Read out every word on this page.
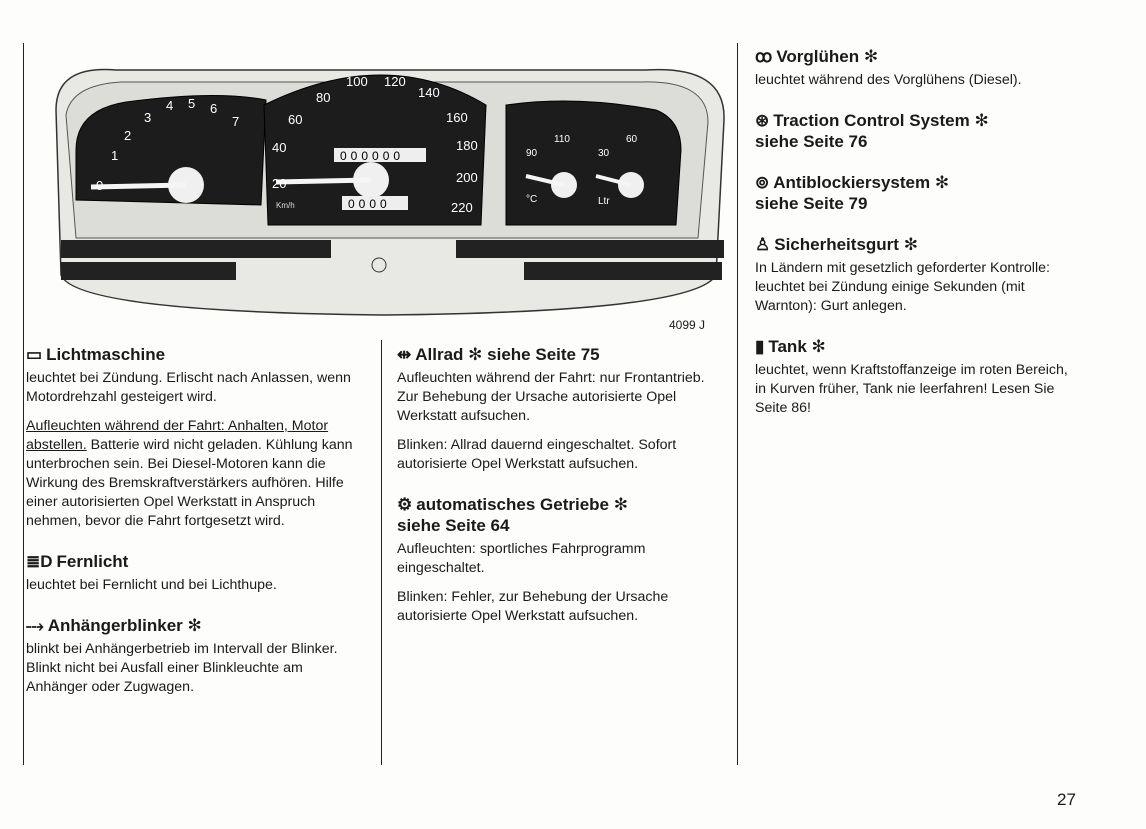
0
1
2
3
4 5 6
7
1/min x 1000
000000
0000
20
40
60
80
100 120
140
160
180
200
220
Km/h
90
110
°C
30
60
Ltr
4099 J
▭ Lichtmaschine

leuchtet bei Zündung. Erlischt nach Anlassen, wenn Motordrehzahl gesteigert wird.

Aufleuchten während der Fahrt: Anhalten, Motor abstellen. Batterie wird nicht geladen. Kühlung kann unterbrochen sein. Bei Diesel-Motoren kann die Wirkung des Bremskraftverstärkers aufhören. Hilfe einer autorisierten Opel Werkstatt in Anspruch nehmen, bevor die Fahrt fortgesetzt wird.

≣D Fernlicht

leuchtet bei Fernlicht und bei Lichthupe.

⤏ Anhängerblinker ✻

blinkt bei Anhängerbetrieb im Intervall der Blinker. Blinkt nicht bei Ausfall einer Blinkleuchte am Anhänger oder Zugwagen.

⇹ Allrad ✻ siehe Seite 75

Aufleuchten während der Fahrt: nur Frontantrieb. Zur Behebung der Ursache autorisierte Opel Werkstatt aufsuchen.

Blinken: Allrad dauernd eingeschaltet. Sofort autorisierte Opel Werkstatt aufsuchen.

⚙ automatisches Getriebe ✻
siehe Seite 64

Aufleuchten: sportliches Fahrprogramm eingeschaltet.

Blinken: Fehler, zur Behebung der Ursache autorisierte Opel Werkstatt aufsuchen.

ꝏ Vorglühen ✻

leuchtet während des Vorglühens (Diesel).

⊛ Traction Control System ✻
siehe Seite 76
⊚ Antiblockiersystem ✻
siehe Seite 79
♙ Sicherheitsgurt ✻

In Ländern mit gesetzlich geforderter Kontrolle: leuchtet bei Zündung einige Sekunden (mit Warnton): Gurt anlegen.

▮ Tank ✻

leuchtet, wenn Kraftstoffanzeige im roten Bereich, in Kurven früher, Tank nie leerfahren! Lesen Sie Seite 86!

27
